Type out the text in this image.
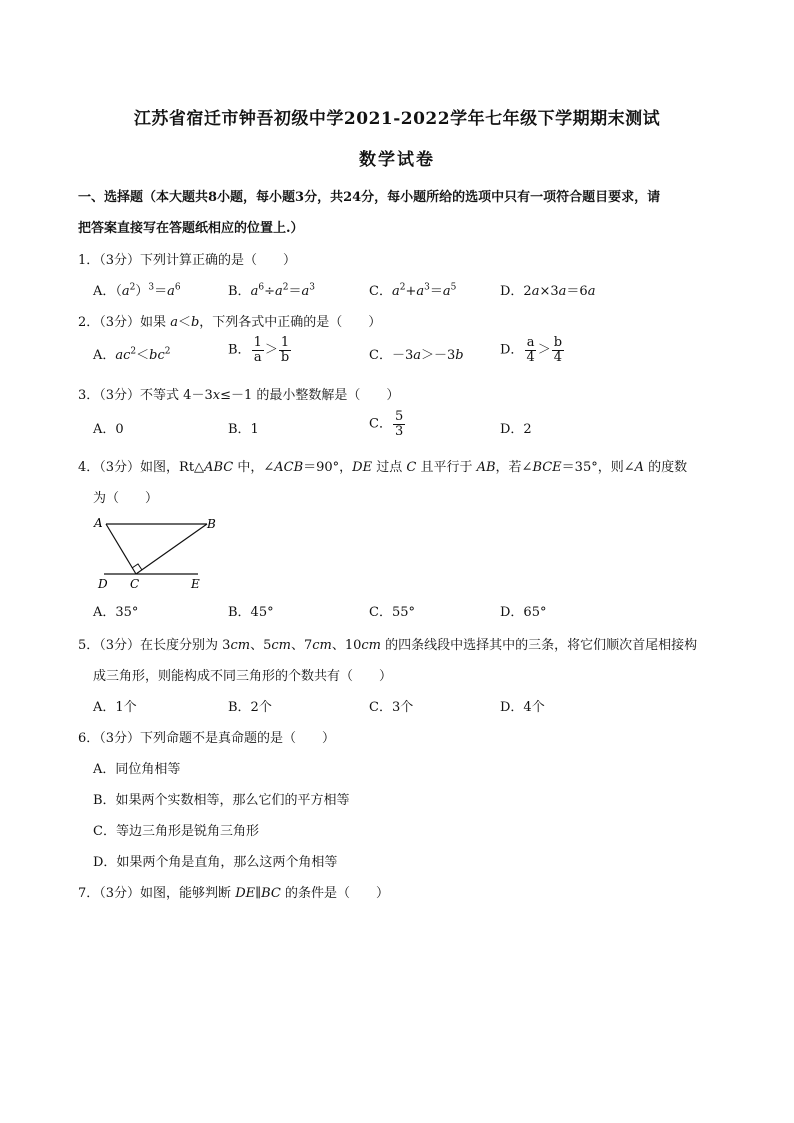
江苏省宿迁市钟吾初级中学2021-2022学年七年级下学期期末测试
数学试卷
一、选择题（本大题共8小题，每小题3分，共24分，每小题所给的选项中只有一项符合题目要求，请
把答案直接写在答题纸相应的位置上.）
1．（3分）下列计算正确的是（　　）
A．$(a^2)^3=a^6$	B．$a^6\div a^2=a^3$	C．$a^2+a^3=a^5$	D．2a×3a＝6a
2．（3分）如果 a＜b，下列各式中正确的是（　　）
A．$ac^2<bc^2$	B． $\frac{1}{a} > \frac{1}{b}$	C．－3a＞－3b	D． $\frac{a}{4} > \frac{b}{4}$
3．（3分）不等式 4－3x≤－1 的最小整数解是（　　）
A．0	B．1	C． $\frac{5}{3}$	D．2
4．（3分）如图，Rt△ABC 中，∠ACB＝90°，DE 过点 C 且平行于 AB，若∠BCE＝35°，则∠A 的度数
为（　　）
A	B
D C	E
A．35°	B．45°	C．55°	D．65°
5．（3分）在长度分别为 3cm、5cm、7cm、10cm 的四条线段中选择其中的三条，将它们顺次首尾相接构
成三角形，则能构成不同三角形的个数共有（　　）
A．1个	B．2个	C．3个	D．4个
6．（3分）下列命题不是真命题的是（　　）
A．同位角相等
B．如果两个实数相等，那么它们的平方相等
C．等边三角形是锐角三角形
D．如果两个角是直角，那么这两个角相等
7．（3分）如图，能够判断 DE∥BC 的条件是（　　）
